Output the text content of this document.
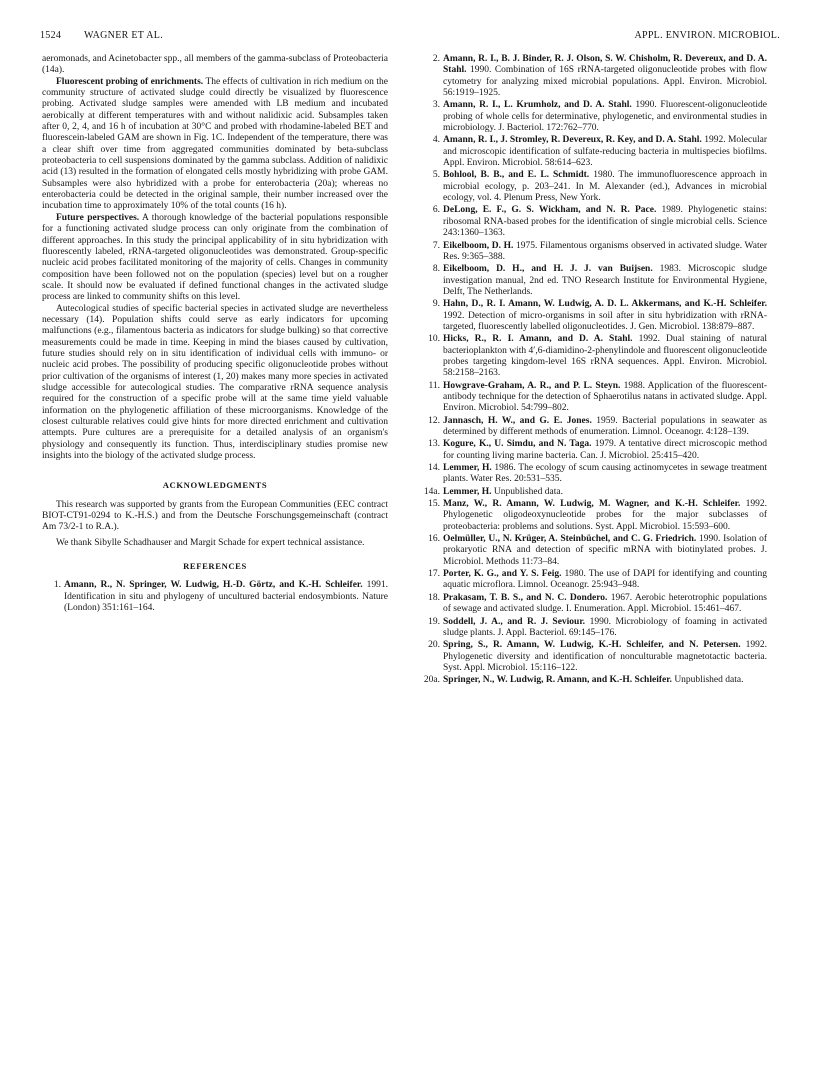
1524 WAGNER ET AL.	APPL. ENVIRON. MICROBIOL.

aeromonads, and Acinetobacter spp., all members of the gamma-subclass of Proteobacteria (14a).

Fluorescent probing of enrichments. The effects of cultivation in rich medium on the community structure of activated sludge could directly be visualized by fluorescence probing. Activated sludge samples were amended with LB medium and incubated aerobically at different temperatures with and without nalidixic acid. Subsamples taken after 0, 2, 4, and 16 h of incubation at 30°C and probed with rhodamine-labeled BET and fluorescein-labeled GAM are shown in Fig. 1C. Independent of the temperature, there was a clear shift over time from aggregated communities dominated by beta-subclass proteobacteria to cell suspensions dominated by the gamma subclass. Addition of nalidixic acid (13) resulted in the formation of elongated cells mostly hybridizing with probe GAM. Subsamples were also hybridized with a probe for enterobacteria (20a); whereas no enterobacteria could be detected in the original sample, their number increased over the incubation time to approximately 10% of the total counts (16 h).

Future perspectives. A thorough knowledge of the bacterial populations responsible for a functioning activated sludge process can only originate from the combination of different approaches. In this study the principal applicability of in situ hybridization with fluorescently labeled, rRNA-targeted oligonucleotides was demonstrated. Group-specific nucleic acid probes facilitated monitoring of the majority of cells. Changes in community composition have been followed not on the population (species) level but on a rougher scale. It should now be evaluated if defined functional changes in the activated sludge process are linked to community shifts on this level.

Autecological studies of specific bacterial species in activated sludge are nevertheless necessary (14). Population shifts could serve as early indicators for upcoming malfunctions (e.g., filamentous bacteria as indicators for sludge bulking) so that corrective measurements could be made in time. Keeping in mind the biases caused by cultivation, future studies should rely on in situ identification of individual cells with immuno- or nucleic acid probes. The possibility of producing specific oligonucleotide probes without prior cultivation of the organisms of interest (1, 20) makes many more species in activated sludge accessible for autecological studies. The comparative rRNA sequence analysis required for the construction of a specific probe will at the same time yield valuable information on the phylogenetic affiliation of these microorganisms. Knowledge of the closest culturable relatives could give hints for more directed enrichment and cultivation attempts. Pure cultures are a prerequisite for a detailed analysis of an organism's physiology and consequently its function. Thus, interdisciplinary studies promise new insights into the biology of the activated sludge process.

ACKNOWLEDGMENTS

This research was supported by grants from the European Communities (EEC contract BIOT-CT91-0294 to K.-H.S.) and from the Deutsche Forschungsgemeinschaft (contract Am 73/2-1 to R.A.).

We thank Sibylle Schadhauser and Margit Schade for expert technical assistance.

REFERENCES
1. Amann, R., N. Springer, W. Ludwig, H.-D. Görtz, and K.-H. Schleifer. 1991. Identification in situ and phylogeny of uncultured bacterial endosymbionts. Nature (London) 351:161–164.
2. Amann, R. I., B. J. Binder, R. J. Olson, S. W. Chisholm, R. Devereux, and D. A. Stahl. 1990. Combination of 16S rRNA-targeted oligonucleotide probes with flow cytometry for analyzing mixed microbial populations. Appl. Environ. Microbiol. 56:1919–1925.
3. Amann, R. I., L. Krumholz, and D. A. Stahl. 1990. Fluorescent-oligonucleotide probing of whole cells for determinative, phylogenetic, and environmental studies in microbiology. J. Bacteriol. 172:762–770.
4. Amann, R. I., J. Stromley, R. Devereux, R. Key, and D. A. Stahl. 1992. Molecular and microscopic identification of sulfate-reducing bacteria in multispecies biofilms. Appl. Environ. Microbiol. 58:614–623.
5. Bohlool, B. B., and E. L. Schmidt. 1980. The immunofluorescence approach in microbial ecology, p. 203–241. In M. Alexander (ed.), Advances in microbial ecology, vol. 4. Plenum Press, New York.
6. DeLong, E. F., G. S. Wickham, and N. R. Pace. 1989. Phylogenetic stains: ribosomal RNA-based probes for the identification of single microbial cells. Science 243:1360–1363.
7. Eikelboom, D. H. 1975. Filamentous organisms observed in activated sludge. Water Res. 9:365–388.
8. Eikelboom, D. H., and H. J. J. van Buijsen. 1983. Microscopic sludge investigation manual, 2nd ed. TNO Research Institute for Environmental Hygiene, Delft, The Netherlands.
9. Hahn, D., R. I. Amann, W. Ludwig, A. D. L. Akkermans, and K.-H. Schleifer. 1992. Detection of micro-organisms in soil after in situ hybridization with rRNA-targeted, fluorescently labelled oligonucleotides. J. Gen. Microbiol. 138:879–887.
10. Hicks, R., R. I. Amann, and D. A. Stahl. 1992. Dual staining of natural bacterioplankton with 4′,6-diamidino-2-phenylindole and fluorescent oligonucleotide probes targeting kingdom-level 16S rRNA sequences. Appl. Environ. Microbiol. 58:2158–2163.
11. Howgrave-Graham, A. R., and P. L. Steyn. 1988. Application of the fluorescent-antibody technique for the detection of Sphaerotilus natans in activated sludge. Appl. Environ. Microbiol. 54:799–802.
12. Jannasch, H. W., and G. E. Jones. 1959. Bacterial populations in seawater as determined by different methods of enumeration. Limnol. Oceanogr. 4:128–139.
13. Kogure, K., U. Simdu, and N. Taga. 1979. A tentative direct microscopic method for counting living marine bacteria. Can. J. Microbiol. 25:415–420.
14. Lemmer, H. 1986. The ecology of scum causing actinomycetes in sewage treatment plants. Water Res. 20:531–535.
14a. Lemmer, H. Unpublished data.
15. Manz, W., R. Amann, W. Ludwig, M. Wagner, and K.-H. Schleifer. 1992. Phylogenetic oligodeoxynucleotide probes for the major subclasses of proteobacteria: problems and solutions. Syst. Appl. Microbiol. 15:593–600.
16. Oelmüller, U., N. Krüger, A. Steinbüchel, and C. G. Friedrich. 1990. Isolation of prokaryotic RNA and detection of specific mRNA with biotinylated probes. J. Microbiol. Methods 11:73–84.
17. Porter, K. G., and Y. S. Feig. 1980. The use of DAPI for identifying and counting aquatic microflora. Limnol. Oceanogr. 25:943–948.
18. Prakasam, T. B. S., and N. C. Dondero. 1967. Aerobic heterotrophic populations of sewage and activated sludge. I. Enumeration. Appl. Microbiol. 15:461–467.
19. Soddell, J. A., and R. J. Seviour. 1990. Microbiology of foaming in activated sludge plants. J. Appl. Bacteriol. 69:145–176.
20. Spring, S., R. Amann, W. Ludwig, K.-H. Schleifer, and N. Petersen. 1992. Phylogenetic diversity and identification of nonculturable magnetotactic bacteria. Syst. Appl. Microbiol. 15:116–122.
20a. Springer, N., W. Ludwig, R. Amann, and K.-H. Schleifer. Unpublished data.
